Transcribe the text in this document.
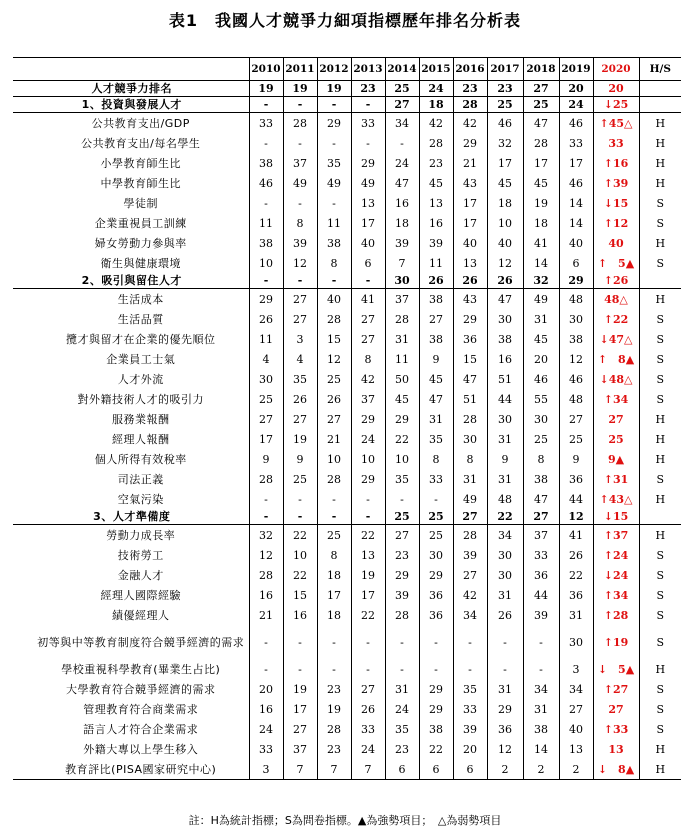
表1　我國人才競爭力細項指標歷年排名分析表
	2010	2011	2012	2013	2014	2015	2016	2017	2018	2019	2020	H/S
人才競爭力排名	19	19	19	23	25	24	23	23	27	20	20	
1、投資與發展人才	-	-	-	-	27	18	28	25	25	24	↓25	
公共教育支出/GDP	33	28	29	33	34	42	42	46	47	46	↑45△	H
公共教育支出/每名學生	-	-	-	-	-	28	29	32	28	33	33	H
小學教育師生比	38	37	35	29	24	23	21	17	17	17	↑16	H
中學教育師生比	46	49	49	49	47	45	43	45	45	46	↑39	H
學徒制	-	-	-	13	16	13	17	18	19	14	↓15	S
企業重視員工訓練	11	8	11	17	18	16	17	10	18	14	↑12	S
婦女勞動力參與率	38	39	38	40	39	39	40	40	41	40	40	H
衛生與健康環境	10	12	8	6	7	11	13	12	14	6	↑　5▲	S
2、吸引與留住人才	-	-	-	-	30	26	26	26	32	29	↑26	
生活成本	29	27	40	41	37	38	43	47	49	48	48△	H
生活品質	26	27	28	27	28	27	29	30	31	30	↑22	S
攬才與留才在企業的優先順位	11	3	15	27	31	38	36	38	45	38	↓47△	S
企業員工士氣	4	4	12	8	11	9	15	16	20	12	↑　8▲	S
人才外流	30	35	25	42	50	45	47	51	46	46	↓48△	S
對外籍技術人才的吸引力	25	26	26	37	45	47	51	44	55	48	↑34	S
服務業報酬	27	27	27	29	29	31	28	30	30	27	27	H
經理人報酬	17	19	21	24	22	35	30	31	25	25	25	H
個人所得有效稅率	9	9	10	10	10	8	8	9	8	9	9▲	H
司法正義	28	25	28	29	35	33	31	31	38	36	↑31	S
空氣污染	-	-	-	-	-	-	49	48	47	44	↑43△	H
3、人才準備度	-	-	-	-	25	25	27	22	27	12	↓15	
勞動力成長率	32	22	25	22	27	25	28	34	37	41	↑37	H
技術勞工	12	10	8	13	23	30	39	30	33	26	↑24	S
金融人才	28	22	18	19	29	29	27	30	36	22	↓24	S
經理人國際經驗	16	15	17	17	39	36	42	31	44	36	↑34	S
績優經理人	21	16	18	22	28	36	34	26	39	31	↑28	S
初等與中等教育制度符合競爭經濟的需求	-	-	-	-	-	-	-	-	-	30	↑19	S
學校重視科學教育(畢業生占比)	-	-	-	-	-	-	-	-	-	3	↓　5▲	H
大學教育符合競爭經濟的需求	20	19	23	27	31	29	35	31	34	34	↑27	S
管理教育符合商業需求	16	17	19	26	24	29	33	29	31	27	27	S
語言人才符合企業需求	24	27	28	33	35	38	39	36	38	40	↑33	S
外籍大專以上學生移入	33	37	23	24	23	22	20	12	14	13	13	H
教育評比(PISA國家研究中心)	3	7	7	7	6	6	6	2	2	2	↓　8▲	H
註：H為統計指標；S為問卷指標。▲為強勢項目；　△為弱勢項目
